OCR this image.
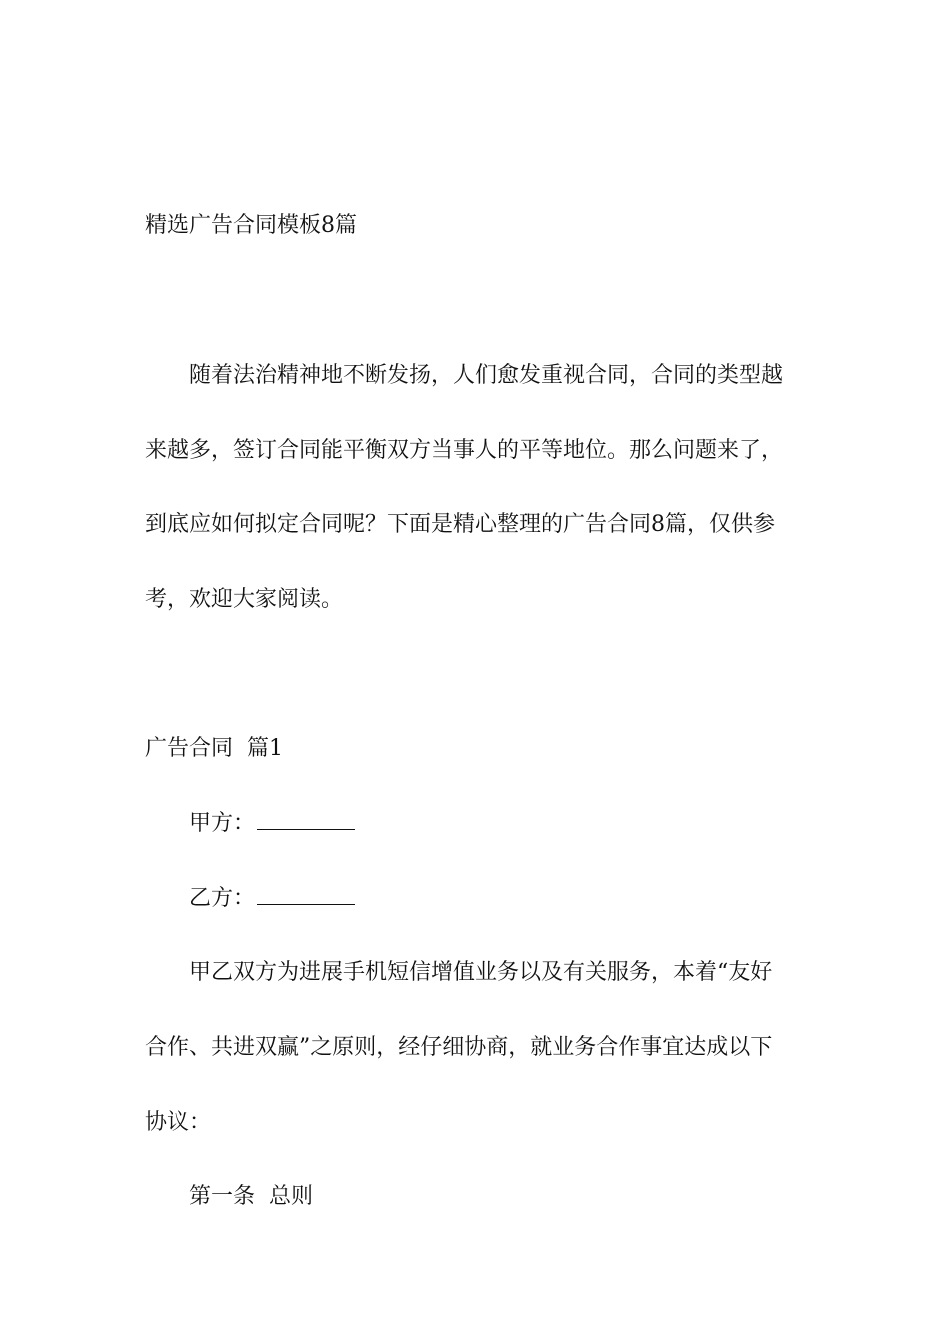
精选广告合同模板8篇
随着法治精神地不断发扬，人们愈发重视合同，合同的类型越
来越多，签订合同能平衡双方当事人的平等地位。那么问题来了，
到底应如何拟定合同呢？下面是精心整理的广告合同8篇，仅供参
考，欢迎大家阅读。
广告合同  篇1
甲方：
乙方：
甲乙双方为进展手机短信增值业务以及有关服务，本着“友好
合作、共进双赢”之原则，经仔细协商，就业务合作事宜达成以下
协议：
第一条  总则
